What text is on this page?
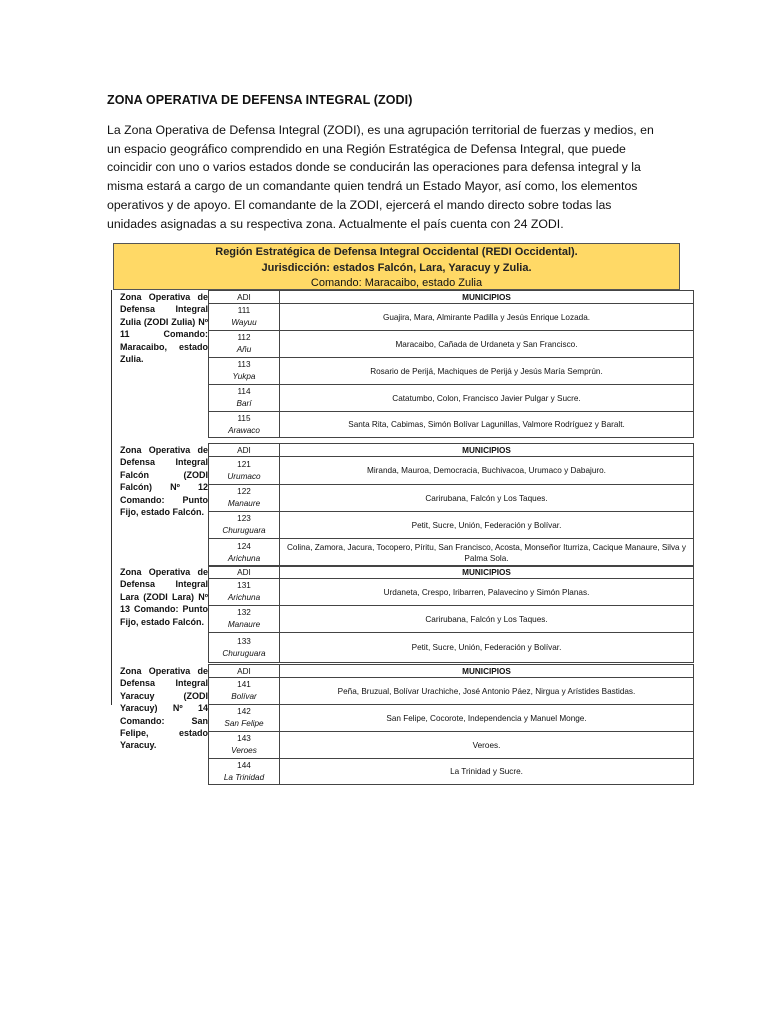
ZONA OPERATIVA DE DEFENSA INTEGRAL (ZODI)
La Zona Operativa de Defensa Integral (ZODI), es una agrupación territorial de fuerzas y medios, en un espacio geográfico comprendido en una Región Estratégica de Defensa Integral, que puede coincidir con uno o varios estados donde se conducirán las operaciones para defensa integral y la misma estará a cargo de un comandante quien tendrá un Estado Mayor, así como, los elementos operativos y de apoyo. El comandante de la ZODI, ejercerá el mando directo sobre todas las unidades asignadas a su respectiva zona. Actualmente el país cuenta con 24 ZODI.
Región Estratégica de Defensa Integral Occidental (REDI Occidental).
Jurisdicción: estados Falcón, Lara, Yaracuy y Zulia.
Comando: Maracaibo, estado Zulia
Zona Operativa de Defensa Integral Zulia (ZODI Zulia) Nº 11 Comando: Maracaibo, estado Zulia.
ADI	MUNICIPIOS

111
Wayuu	Guajira, Mara, Almirante Padilla y Jesús Enrique Lozada.

112
Añu	Maracaibo, Cañada de Urdaneta y San Francisco.

113
Yukpa	Rosario de Perijá, Machiques de Perijá y Jesús María Semprún.

114
Barí	Catatumbo, Colon, Francisco Javier Pulgar y Sucre.

115
Arawaco	Santa Rita, Cabimas, Simón Bolívar Lagunillas, Valmore Rodríguez y Baralt.
Zona Operativa de Defensa Integral Falcón (ZODI Falcón) Nº 12 Comando: Punto Fijo, estado Falcón.
ADI	MUNICIPIOS

121
Urumaco	Miranda, Mauroa, Democracia, Buchivacoa, Urumaco y Dabajuro.

122
Manaure	Carirubana, Falcón y Los Taques.

123
Churuguara	Petit, Sucre, Unión, Federación y Bolívar.

124
Arichuna	Colina, Zamora, Jacura, Tocopero, Píritu, San Francisco, Acosta, Monseñor Iturriza, Cacique Manaure, Silva y Palma Sola.
Zona Operativa de Defensa Integral Lara (ZODI Lara) Nº 13 Comando: Punto Fijo, estado Falcón.
ADI	MUNICIPIOS

131
Arichuna	Urdaneta, Crespo, Iribarren, Palavecino y Simón Planas.

132
Manaure	Carirubana, Falcón y Los Taques.

133
Churuguara	Petit, Sucre, Unión, Federación y Bolívar.
Zona Operativa de Defensa Integral Yaracuy (ZODI Yaracuy) Nº 14 Comando: San Felipe, estado Yaracuy.
ADI	MUNICIPIOS

141
Bolívar	Peña, Bruzual, Bolívar Urachiche, José Antonio Páez, Nirgua y Arístides Bastidas.

142
San Felipe	San Felipe, Cocorote, Independencia y Manuel Monge.

143
Veroes	Veroes.

144
La Trinidad	La Trinidad y Sucre.
